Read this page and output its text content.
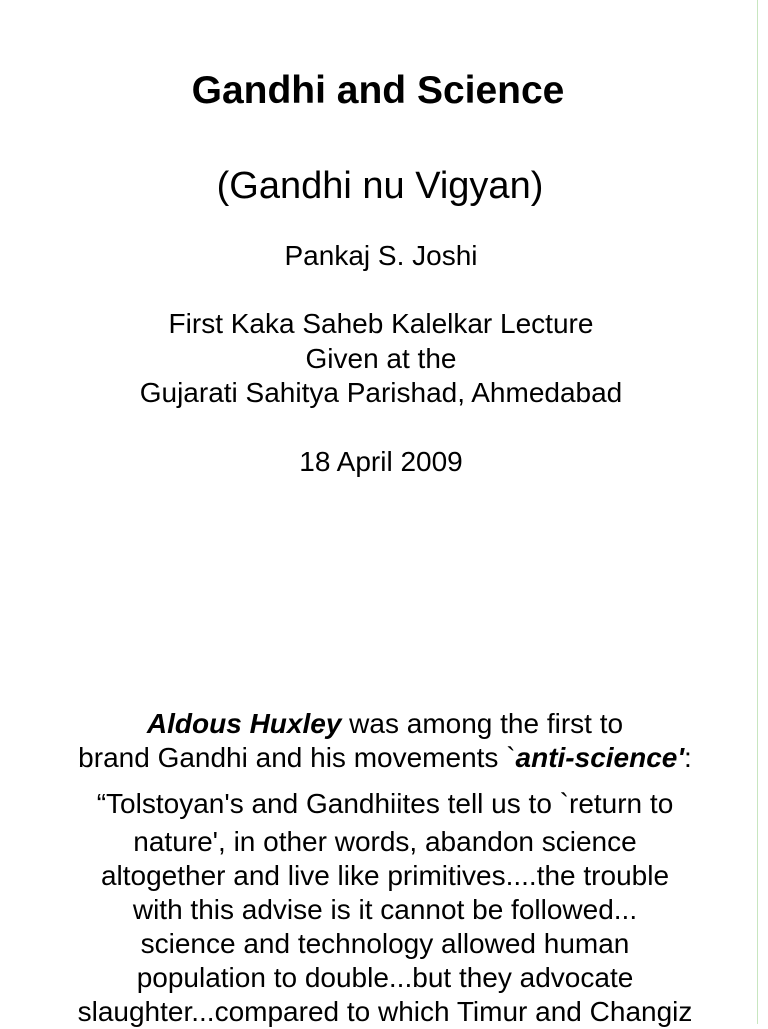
Gandhi and Science
(Gandhi nu Vigyan)
Pankaj S. Joshi
First Kaka Saheb Kalelkar Lecture
Given at the
Gujarati Sahitya Parishad, Ahmedabad
18 April 2009
Aldous Huxley was among the first to
brand Gandhi and his movements `anti-science':
“Tolstoyan's and Gandhiites tell us to `return to
nature', in other words, abandon science
altogether and live like primitives....the trouble
with this advise is it cannot be followed...
science and technology allowed human
population to double...but they advocate
slaughter...compared to which Timur and Changiz
